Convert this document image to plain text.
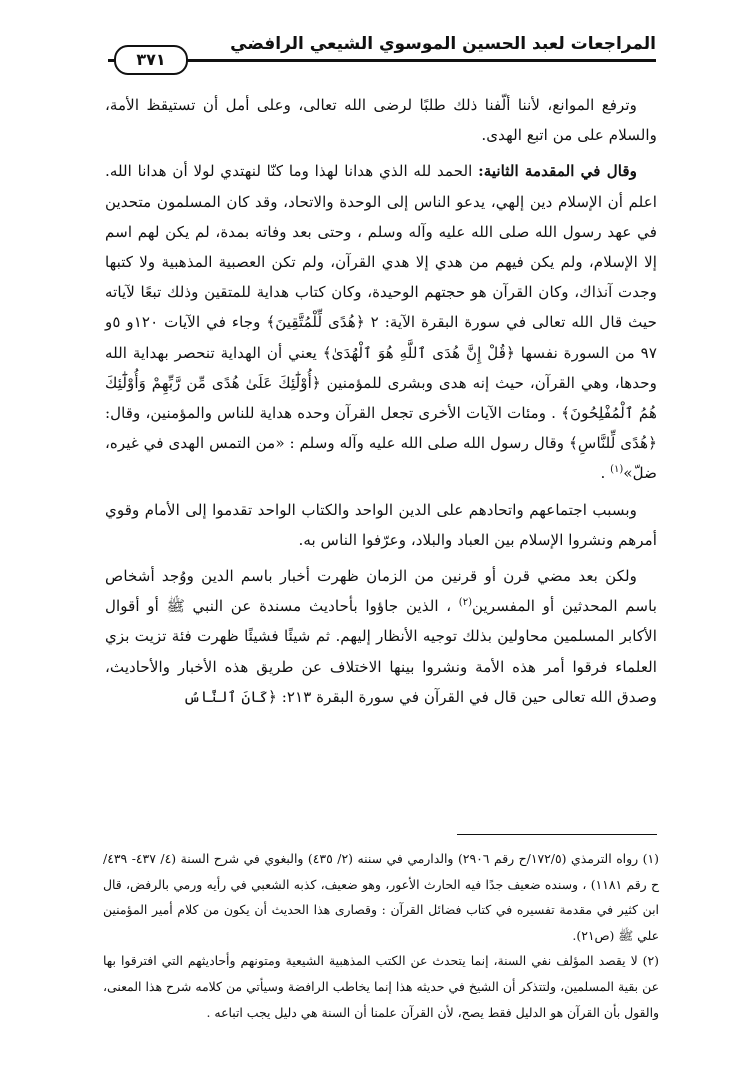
المراجعات لعبد الحسين الموسوي الشيعي الرافضي
٣٧١

وترفع الموانع، لأننا ألّفنا ذلك طلبًا لرضى الله تعالى، وعلى أمل أن تستيقظ الأمة، والسلام على من اتبع الهدى.

وقال في المقدمة الثانية: الحمد لله الذي هدانا لهذا وما كنّا لنهتدي لولا أن هدانا الله. اعلم أن الإسلام دين إلهي، يدعو الناس إلى الوحدة والاتحاد، وقد كان المسلمون متحدين في عهد رسول الله صلى الله عليه وآله وسلم ، وحتى بعد وفاته بمدة، لم يكن لهم اسم إلا الإسلام، ولم يكن فيهم من هدي إلا هدي القرآن، ولم تكن العصبية المذهبية ولا كتبها وجدت آنذاك، وكان القرآن هو حجتهم الوحيدة، وكان كتاب هداية للمتقين وذلك تبعًا لآياته حيث قال الله تعالى في سورة البقرة الآية: ٢ ﴿هُدًى لِّلْمُتَّقِينَ﴾ وجاء في الآيات ١٢٠و ٥و ٩٧ من السورة نفسها ﴿قُلْ إِنَّ هُدَى ٱللَّهِ هُوَ ٱلْهُدَىٰ﴾ يعني أن الهداية تنحصر بهداية الله وحدها، وهي القرآن، حيث إنه هدى وبشرى للمؤمنين ﴿أُوْلَٰٓئِكَ عَلَىٰ هُدًى مِّن رَّبِّهِمْ وَأُوْلَٰٓئِكَ هُمُ ٱلْمُفْلِحُونَ﴾ . ومئات الآيات الأخرى تجعل القرآن وحده هداية للناس والمؤمنين، وقال: ﴿هُدًى لِّلنَّاسِ﴾ وقال رسول الله صلى الله عليه وآله وسلم : «من التمس الهدى في غيره، ضلّ»$^{(١)}$ .

وبسبب اجتماعهم واتحادهم على الدين الواحد والكتاب الواحد تقدموا إلى الأمام وقوي أمرهم ونشروا الإسلام بين العباد والبلاد، وعرّفوا الناس به.

ولكن بعد مضي قرن أو قرنين من الزمان ظهرت أخبار باسم الدين ووُجد أشخاص باسم المحدثين أو المفسرين$^{(٢)}$ ، الذين جاؤوا بأحاديث مسندة عن النبي ﷺ أو أقوال الأكابر المسلمين محاولين بذلك توجيه الأنظار إليهم. ثم شيئًا فشيئًا ظهرت فئة تزيت بزي العلماء فرقوا أمر هذه الأمة ونشروا بينها الاختلاف عن طريق هذه الأخبار والأحاديث، وصدق الله تعالى حين قال في القرآن في سورة البقرة ٢١٣: ﴿كَانَ ٱلنَّاسُ

(١) رواه الترمذي (١٧٢/٥/ح رقم ٢٩٠٦) والدارمي في سننه (٢/ ٤٣٥) والبغوي في شرح السنة (٤/ ٤٣٧- ٤٣٩/ ح رقم ١١٨١) ، وسنده ضعيف جدًا فيه الحارث الأعور، وهو ضعيف، كذبه الشعبي في رأيه ورمي بالرفض، قال ابن كثير في مقدمة تفسيره في كتاب فضائل القرآن : وقصارى هذا الحديث أن يكون من كلام أمير المؤمنين علي ﷺ (ص٢١).

(٢) لا يقصد المؤلف نفي السنة، إنما يتحدث عن الكتب المذهبية الشيعية ومتونهم وأحاديثهم التي افترقوا بها عن بقية المسلمين، ولتتذكر أن الشيخ في حديثه هذا إنما يخاطب الرافضة وسيأتي من كلامه شرح هذا المعنى، والقول بأن القرآن هو الدليل فقط يصح، لأن القرآن علمنا أن السنة هي دليل يجب اتباعه .
